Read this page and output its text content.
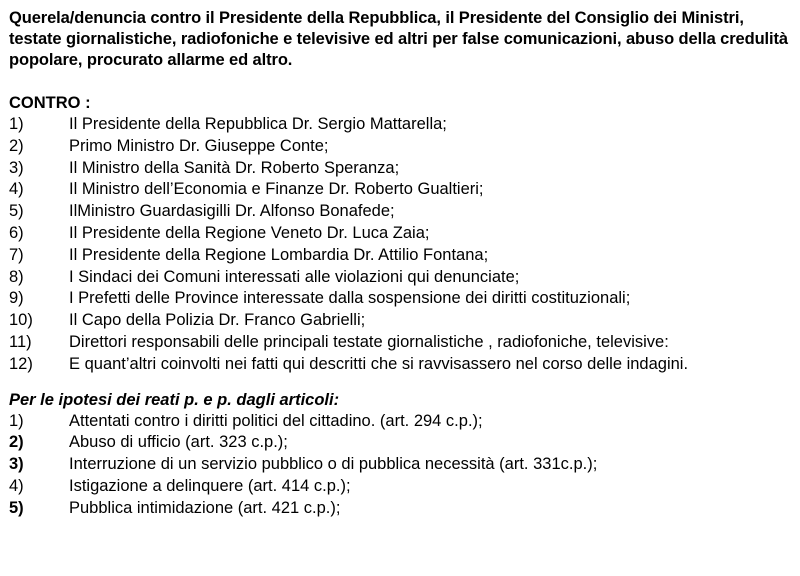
Querela/denuncia contro il Presidente della Repubblica, il Presidente del Consiglio dei Ministri, testate giornalistiche, radiofoniche e televisive ed altri per false comunicazioni, abuso della credulità popolare, procurato allarme ed altro.

CONTRO :

1)	Il Presidente della Repubblica Dr. Sergio Mattarella;
2)	Primo Ministro Dr. Giuseppe Conte;
3)	Il Ministro della Sanità Dr. Roberto Speranza;
4)	Il Ministro dell’Economia e Finanze Dr. Roberto Gualtieri;
5)	IlMinistro Guardasigilli Dr. Alfonso Bonafede;
6)	Il Presidente della Regione Veneto Dr. Luca Zaia;
7)	Il Presidente della Regione Lombardia Dr. Attilio Fontana;
8)	I Sindaci dei Comuni interessati alle violazioni qui denunciate;
9)	I Prefetti delle Province interessate dalla sospensione dei diritti costituzionali;
10)	Il Capo della Polizia Dr. Franco Gabrielli;
11)	Direttori responsabili delle principali testate giornalistiche , radiofoniche, televisive:
12)	E quant’altri coinvolti nei fatti qui descritti che si ravvisassero nel corso delle indagini.

Per le ipotesi dei reati p. e p. dagli articoli:

1)	Attentati contro i diritti politici del cittadino. (art. 294 c.p.);
2)	Abuso di ufficio (art. 323 c.p.);
3)	Interruzione di un servizio pubblico o di pubblica necessità (art. 331c.p.);
4)	Istigazione a delinquere (art. 414 c.p.);
5)	Pubblica intimidazione (art. 421 c.p.);
